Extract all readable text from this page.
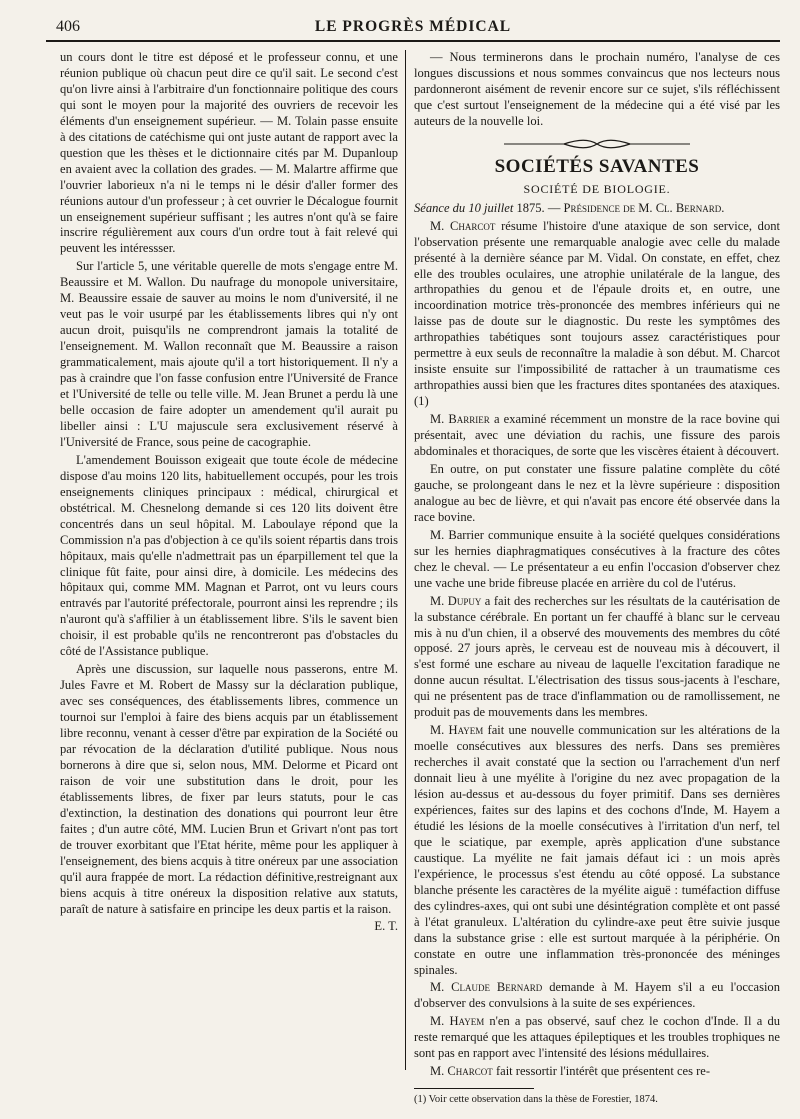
406	LE PROGRÈS MÉDICAL

un cours dont le titre est déposé et le professeur connu, et une réunion publique où chacun peut dire ce qu'il sait. Le second c'est qu'on livre ainsi à l'arbitraire d'un fonctionnaire politique des cours qui sont le moyen pour la majorité des ouvriers de recevoir les éléments d'un enseignement supérieur. — M. Tolain passe ensuite à des citations de catéchisme qui ont juste autant de rapport avec la question que les thèses et le dictionnaire cités par M. Dupanloup en avaient avec la collation des grades. — M. Malartre affirme que l'ouvrier laborieux n'a ni le temps ni le désir d'aller former des réunions autour d'un professeur ; à cet ouvrier le Décalogue fournit un enseignement supérieur suffisant ; les autres n'ont qu'à se faire inscrire régulièrement aux cours d'un ordre tout à fait relevé qui peuvent les intéressser.

Sur l'article 5, une véritable querelle de mots s'engage entre M. Beaussire et M. Wallon. Du naufrage du monopole universitaire, M. Beaussire essaie de sauver au moins le nom d'université, il ne veut pas le voir usurpé par les établissements libres qui n'y ont aucun droit, puisqu'ils ne comprendront jamais la totalité de l'enseignement. M. Wallon reconnaît que M. Beaussire a raison grammaticalement, mais ajoute qu'il a tort historiquement. Il n'y a pas à craindre que l'on fasse confusion entre l'Université de France et l'Université de telle ou telle ville. M. Jean Brunet a perdu là une belle occasion de faire adopter un amendement qu'il aurait pu libeller ainsi : L'U majuscule sera exclusivement réservé à l'Université de France, sous peine de cacographie.

L'amendement Bouisson exigeait que toute école de médecine dispose d'au moins 120 lits, habituellement occupés, pour les trois enseignements cliniques principaux : médical, chirurgical et obstétrical. M. Chesnelong demande si ces 120 lits doivent être concentrés dans un seul hôpital. M. Laboulaye répond que la Commission n'a pas d'objection à ce qu'ils soient répartis dans trois hôpitaux, mais qu'elle n'admettrait pas un éparpillement tel que la clinique fût faite, pour ainsi dire, à domicile. Les médecins des hôpitaux qui, comme MM. Magnan et Parrot, ont vu leurs cours entravés par l'autorité préfectorale, pourront ainsi les reprendre ; ils n'auront qu'à s'affilier à un établissement libre. S'ils le savent bien choisir, il est probable qu'ils ne rencontreront pas d'obstacles du côté de l'Assistance publique.

Après une discussion, sur laquelle nous passerons, entre M. Jules Favre et M. Robert de Massy sur la déclaration publique, avec ses conséquences, des établissements libres, commence un tournoi sur l'emploi à faire des biens acquis par un établissement libre reconnu, venant à cesser d'être par expiration de la Société ou par révocation de la déclaration d'utilité publique. Nous nous bornerons à dire que si, selon nous, MM. Delorme et Picard ont raison de voir une substitution dans le droit, pour les établissements libres, de fixer par leurs statuts, pour le cas d'extinction, la destination des donations qui pourront leur être faites ; d'un autre côté, MM. Lucien Brun et Grivart n'ont pas tort de trouver exorbitant que l'Etat hérite, même pour les appliquer à l'enseignement, des biens acquis à titre onéreux par une association qu'il aura frappée de mort. La rédaction définitive,restreignant aux biens acquis à titre onéreux la disposition relative aux statuts, paraît de nature à satisfaire en principe les deux partis et la raison.

E. T.

— Nous terminerons dans le prochain numéro, l'analyse de ces longues discussions et nous sommes convaincus que nos lecteurs nous pardonneront aisément de revenir encore sur ce sujet, s'ils réfléchissent que c'est surtout l'enseignement de la médecine qui a été visé par les auteurs de la nouvelle loi.

SOCIÉTÉS SAVANTES
SOCIÉTÉ DE BIOLOGIE.

Séance du 10 juillet 1875. — Présidence de M. Cl. Bernard.

M. Charcot résume l'histoire d'une ataxique de son service, dont l'observation présente une remarquable analogie avec celle du malade présenté à la dernière séance par M. Vidal. On constate, en effet, chez elle des troubles oculaires, une atrophie unilatérale de la langue, des arthropathies du genou et de l'épaule droits et, en outre, une incoordination motrice très-prononcée des membres inférieurs qui ne laisse pas de doute sur le diagnostic. Du reste les symptômes des arthropathies tabétiques sont toujours assez caractéristiques pour permettre à eux seuls de reconnaître la maladie à son début. M. Charcot insiste ensuite sur l'impossibilité de rattacher à un traumatisme ces arthropathies aussi bien que les fractures dites spontanées des ataxiques. (1)

M. Barrier a examiné récemment un monstre de la race bovine qui présentait, avec une déviation du rachis, une fissure des parois abdominales et thoraciques, de sorte que les viscères étaient à découvert.

En outre, on put constater une fissure palatine complète du côté gauche, se prolongeant dans le nez et la lèvre supérieure : disposition analogue au bec de lièvre, et qui n'avait pas encore été observée dans la race bovine.

M. Barrier communique ensuite à la société quelques considérations sur les hernies diaphragmatiques consécutives à la fracture des côtes chez le cheval. — Le présentateur a eu enfin l'occasion d'observer chez une vache une bride fibreuse placée en arrière du col de l'utérus.

M. Dupuy a fait des recherches sur les résultats de la cautérisation de la substance cérébrale. En portant un fer chauffé à blanc sur le cerveau mis à nu d'un chien, il a observé des mouvements des membres du côté opposé. 27 jours après, le cerveau est de nouveau mis à découvert, il s'est formé une eschare au niveau de laquelle l'excitation faradique ne donne aucun résultat. L'électrisation des tissus sous-jacents à l'eschare, qui ne présentent pas de trace d'inflammation ou de ramollissement, ne produit pas de mouvements dans les membres.

M. Hayem fait une nouvelle communication sur les altérations de la moelle consécutives aux blessures des nerfs. Dans ses premières recherches il avait constaté que la section ou l'arrachement d'un nerf donnait lieu à une myélite à l'origine du nez avec propagation de la lésion au-dessus et au-dessous du foyer primitif. Dans ses dernières expériences, faites sur des lapins et des cochons d'Inde, M. Hayem a étudié les lésions de la moelle consécutives à l'irritation d'un nerf, tel que le sciatique, par exemple, après application d'une substance caustique. La myélite ne fait jamais défaut ici : un mois après l'expérience, le processus s'est étendu au côté opposé. La substance blanche présente les caractères de la myélite aiguë : tuméfaction diffuse des cylindres-axes, qui ont subi une désintégration complète et ont passé à l'état granuleux. L'altération du cylindre-axe peut être suivie jusque dans la substance grise : elle est surtout marquée à la périphérie. On constate en outre une inflammation très-prononcée des méninges spinales.

M. Claude Bernard demande à M. Hayem s'il a eu l'occasion d'observer des convulsions à la suite de ses expériences.

M. Hayem n'en a pas observé, sauf chez le cochon d'Inde. Il a du reste remarqué que les attaques épileptiques et les troubles trophiques ne sont pas en rapport avec l'intensité des lésions médullaires.

M. Charcot fait ressortir l'intérêt que présentent ces re-

(1) Voir cette observation dans la thèse de Forestier, 1874.
